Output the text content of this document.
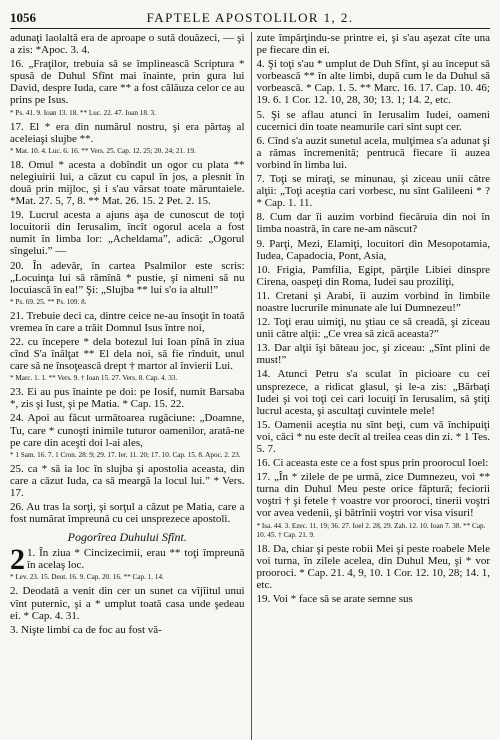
1056	FAPTELE APOSTOLILOR 1, 2.
adunaţi laolaltă era de aproape o sută douăzeci, — şi a zis: *Apoc. 3. 4.
16. „Fraţilor, trebuia să se împlinească Scriptura * spusă de Duhul Sfînt mai înainte, prin gura lui David, despre Iuda, care ** a fost călăuza celor ce au prins pe Isus.
* Ps. 41. 9. Ioan 13. 18. ** Luc. 22. 47. Ioan 18. 3.
17. El * era din numărul nostru, şi era părtaş al aceleiaşi slujbe **.
* Mat. 10. 4. Luc. 6. 16. ** Vers. 25. Cap. 12. 25; 20. 24; 21. 19.
18. Omul * acesta a dobîndit un ogor cu plata ** nelegiuirii lui, a căzut cu capul în jos, a plesnit în două prin mijloc, şi i s'au vărsat toate măruntaiele. *Mat. 27. 5, 7, 8. ** Mat. 26. 15. 2 Pet. 2. 15.
19. Lucrul acesta a ajuns aşa de cunoscut de toţi locuitorii din Ierusalim, încît ogorul acela a fost numit în limba lor: „Acheldama”, adică: „Ogorul sîngelui.” —
20. În adevăr, în cartea Psalmilor este scris: „Locuinţa lui să rămînă * pustie, şi nimeni să nu locuiască în ea!” Şi: „Slujba ** lui s'o ia altul!”
* Ps. 69. 25. ** Ps. 109. 8.
21. Trebuie deci ca, dintre ceice ne-au însoţit în toată vremea în care a trăit Domnul Isus între noi,
22. cu începere * dela botezul lui Ioan pînă în ziua cînd S'a înălţat ** El dela noi, să fie rînduit, unul care să ne însoţească drept † martor al învierii Lui.
* Marc. 1. 1. ** Vers. 9. † Ioan 15. 27. Vers. 8. Cap. 4. 33.
23. Ei au pus înainte pe doi: pe Iosif, numit Barsaba *, zis şi Iust, şi pe Matia. * Cap. 15. 22.
24. Apoi au făcut următoarea rugăciune: „Doamne, Tu, care * cunoşti inimile tuturor oamenilor, arată-ne pe care din aceşti doi l-ai ales,
* 1 Sam. 16. 7. 1 Cron. 28. 9; 29. 17. Ier. 11. 20; 17. 10. Cap. 15. 8. Apoc. 2. 23.
25. ca * să ia loc în slujba şi apostolia aceasta, din care a căzut Iuda, ca să meargă la locul lui.” * Vers. 17.
26. Au tras la sorţi, şi sorţul a căzut pe Matia, care a fost numărat împreună cu cei unsprezece apostoli.
Pogorîrea Duhului Sfînt.
2 1. În ziua * Cincizecimii, erau ** toţi împreună în acelaş loc.
* Lev. 23. 15. Deut. 16. 9. Cap. 20. 16. ** Cap. 1. 14.
2. Deodată a venit din cer un sunet ca vîjîitul unui vînt puternic, şi a * umplut toată casa unde şedeau ei. * Cap. 4. 31.
3. Nişte limbi ca de foc au fost vă-
zute împărţindu-se printre ei, şi s'au aşezat cîte una pe fiecare din ei.
4. Şi toţi s'au * umplut de Duh Sfînt, şi au început să vorbească ** în alte limbi, după cum le da Duhul să vorbească. * Cap. 1. 5. ** Marc. 16. 17. Cap. 10. 46; 19. 6. 1 Cor. 12. 10, 28, 30; 13. 1; 14. 2, etc.
5. Şi se aflau atunci în Ierusalim Iudei, oameni cucernici din toate neamurile cari sînt supt cer.
6. Cînd s'a auzit sunetul acela, mulţimea s'a adunat şi a rămas încremenită; pentrucă fiecare îi auzea vorbind în limba lui.
7. Toţi se miraţi, se minunau, şi ziceau unii către alţii: „Toţi aceştia cari vorbesc, nu sînt Galileeni * ? * Cap. 1. 11.
8. Cum dar îi auzim vorbind fiecăruia din noi în limba noastră, în care ne-am născut?
9. Parţi, Mezi, Elamiţi, locuitori din Mesopotamia, Iudea, Capadocia, Pont, Asia,
10. Frigia, Pamfilia, Egipt, părţile Libiei dinspre Cirena, oaspeţi din Roma, Iudei sau proziliţi,
11. Cretani şi Arabi, îi auzim vorbind în limbile noastre lucrurile minunate ale lui Dumnezeu!”
12. Toţi erau uimiţi, nu ştiau ce să creadă, şi ziceau unii către alţii: „Ce vrea să zică aceasta?”
13. Dar alţii îşi băteau joc, şi ziceau: „Sînt plini de must!”
14. Atunci Petru s'a sculat în picioare cu cei unsprezece, a ridicat glasul, şi le-a zis: „Bărbaţi Iudei şi voi toţi cei cari locuiţi în Ierusalim, să ştiţi lucrul acesta, şi ascultaţi cuvintele mele!
15. Oamenii aceştia nu sînt beţi, cum vă închipuiţi voi, căci * nu este decît al treilea ceas din zi. * 1 Tes. 5. 7.
16. Ci aceasta este ce a fost spus prin proorocul Ioel:
17. „În * zilele de pe urmă, zice Dumnezeu, voi ** turna din Duhul Meu peste orice făptură; feciorii voştri † şi fetele † voastre vor prooroci, tinerii voştri vor avea vedenii, şi bătrînii voştri vor visa visuri!
* Isa. 44. 3. Ezec. 11. 19; 36. 27. Ioel 2. 28, 29. Zah. 12. 10. Ioan 7. 38. ** Cap. 10. 45. † Cap. 21. 9.
18. Da, chiar şi peste robii Mei şi peste roabele Mele voi turna, în zilele acelea, din Duhul Meu, şi * vor prooroci. * Cap. 21. 4, 9, 10. 1 Cor. 12. 10, 28; 14. 1, etc.
19. Voi * face să se arate semne sus
